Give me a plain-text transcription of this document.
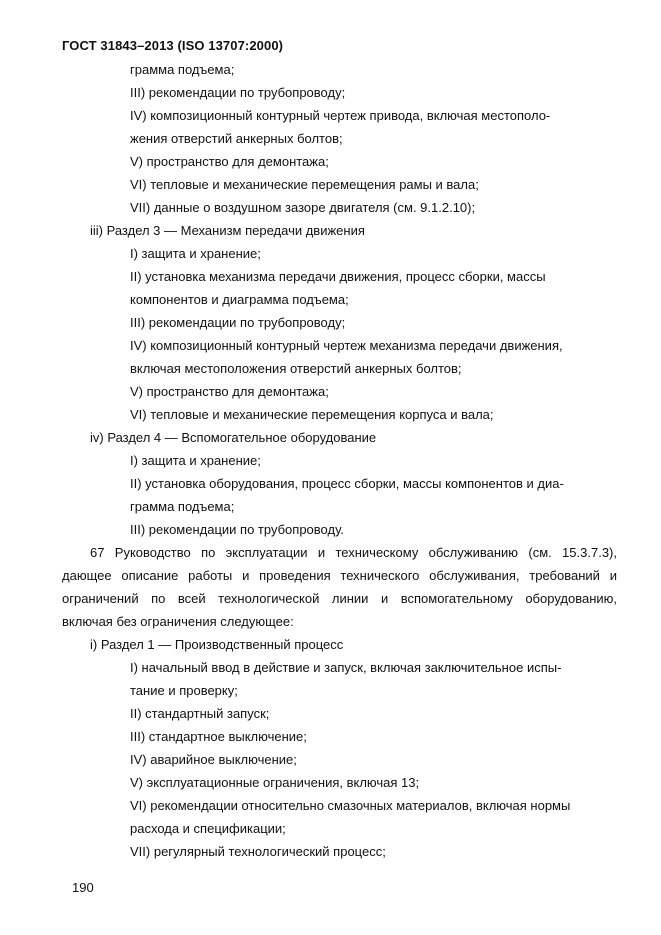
ГОСТ 31843–2013 (ISO 13707:2000)
грамма подъема;
III) рекомендации по трубопроводу;
IV) композиционный контурный чертеж привода, включая местополо-
жения отверстий анкерных болтов;
V) пространство для демонтажа;
VI) тепловые и механические перемещения рамы и вала;
VII) данные о воздушном зазоре двигателя (см. 9.1.2.10);
iii) Раздел 3 — Механизм передачи движения
I) защита и хранение;
II) установка механизма передачи движения, процесс сборки, массы
компонентов и диаграмма подъема;
III) рекомендации по трубопроводу;
IV) композиционный контурный чертеж механизма передачи движения,
включая местоположения отверстий анкерных болтов;
V) пространство для демонтажа;
VI) тепловые и механические перемещения корпуса и вала;
iv) Раздел 4 — Вспомогательное оборудование
I) защита и хранение;
II) установка оборудования, процесс сборки, массы компонентов и диа-
грамма подъема;
III) рекомендации по трубопроводу.
67 Руководство по эксплуатации и техническому обслуживанию (см. 15.3.7.3),
дающее описание работы и проведения технического обслуживания, требований и
ограничений по всей технологической линии и вспомогательному оборудованию,
включая без ограничения следующее:
i) Раздел 1 — Производственный процесс
I) начальный ввод в действие и запуск, включая заключительное испы-
тание и проверку;
II) стандартный запуск;
III) стандартное выключение;
IV) аварийное выключение;
V) эксплуатационные ограничения, включая 13;
VI) рекомендации относительно смазочных материалов, включая нормы
расхода и спецификации;
VII) регулярный технологический процесс;
190
